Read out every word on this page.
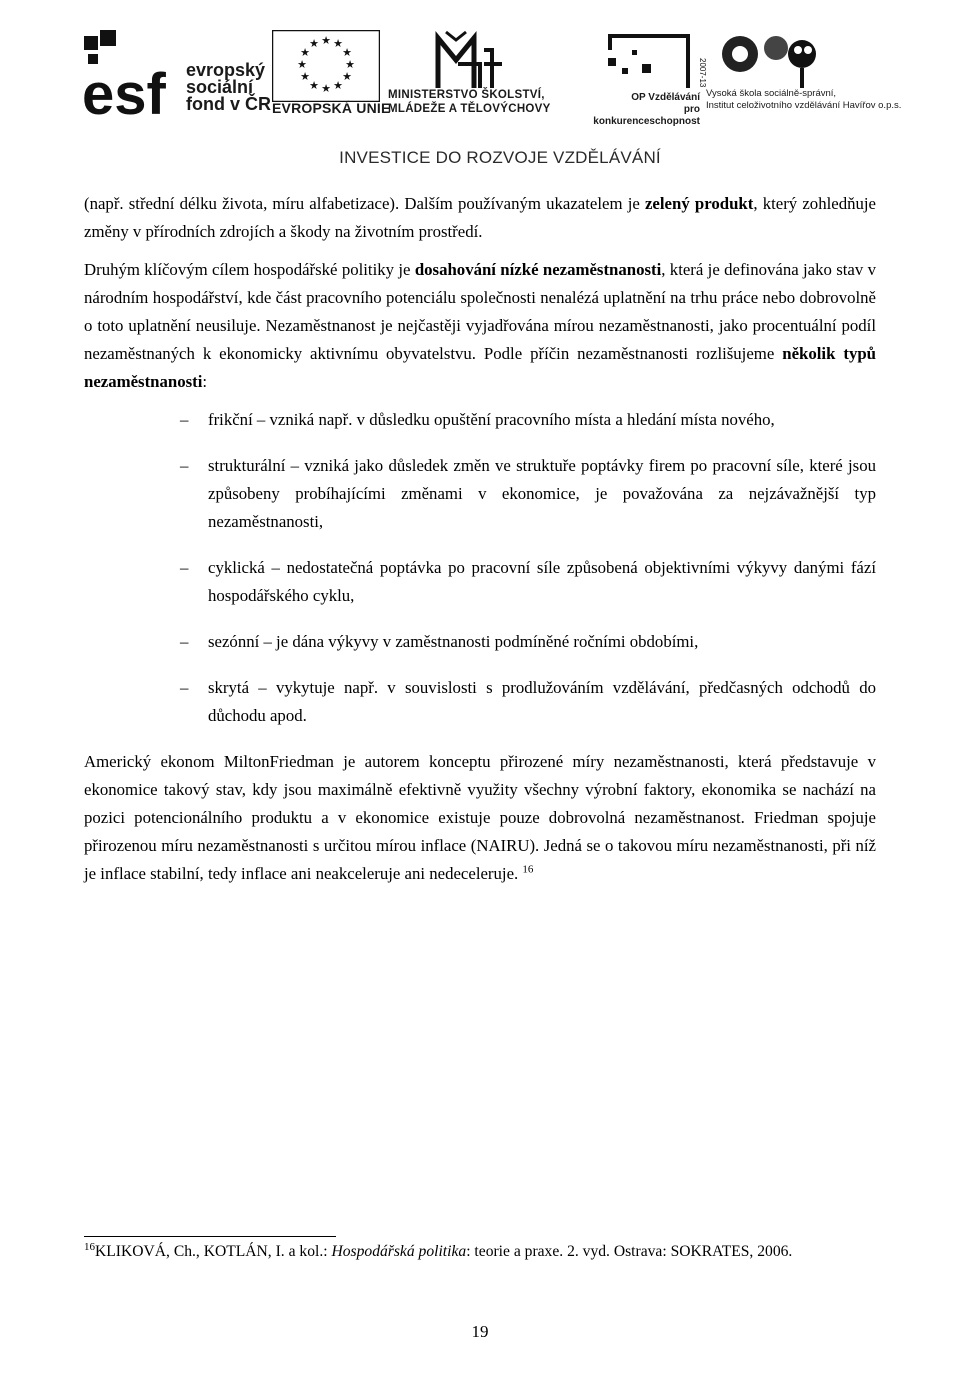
esf evropský
sociální
fond v ČR
★ ★
★
★
★
★
★
★
★
★
★
★
EVROPSKÁ UNIE
MINISTERSTVO ŠKOLSTVÍ,
MLÁDEŽE A TĚLOVÝCHOVY
2007-13
OP Vzdělávání
pro konkurenceschopnost
Vysoká škola sociálně-správní,
Institut celoživotního vzdělávání Havířov o.p.s.
INVESTICE DO ROZVOJE VZDĚLÁVÁNÍ

(např. střední délku života, míru alfabetizace). Dalším používaným ukazatelem je zelený produkt, který zohledňuje změny v přírodních zdrojích a škody na životním prostředí.

Druhým klíčovým cílem hospodářské politiky je dosahování nízké nezaměstnanosti, která je definována jako stav v národním hospodářství, kde část pracovního potenciálu společnosti nenalézá uplatnění na trhu práce nebo dobrovolně o toto uplatnění neusiluje. Nezaměstnanost je nejčastěji vyjadřována mírou nezaměstnanosti, jako procentuální podíl nezaměstnaných k ekonomicky aktivnímu obyvatelstvu. Podle příčin nezaměstnanosti rozlišujeme několik typů nezaměstnanosti:

– frikční – vzniká např. v důsledku opuštění pracovního místa a hledání místa nového,
– strukturální – vzniká jako důsledek změn ve struktuře poptávky firem po pracovní síle, které jsou způsobeny probíhajícími změnami v ekonomice, je považována za nejzávažnější typ nezaměstnanosti,
– cyklická – nedostatečná poptávka po pracovní síle způsobená objektivními výkyvy danými fází hospodářského cyklu,
– sezónní – je dána výkyvy v zaměstnanosti podmíněné ročními obdobími,
– skrytá – vykytuje např. v souvislosti s prodlužováním vzdělávání, předčasných odchodů do důchodu apod.

Americký ekonom MiltonFriedman je autorem konceptu přirozené míry nezaměstnanosti, která představuje v ekonomice takový stav, kdy jsou maximálně efektivně využity všechny výrobní faktory, ekonomika se nachází na pozici potencionálního produktu a v ekonomice existuje pouze dobrovolná nezaměstnanost. Friedman spojuje přirozenou míru nezaměstnanosti s určitou mírou inflace (NAIRU). Jedná se o takovou míru nezaměstnanosti, při níž je inflace stabilní, tedy inflace ani neakceleruje ani nedeceleruje. $^{16}$

$^{16}$KLIKOVÁ, Ch., KOTLÁN, I. a kol.: Hospodářská politika: teorie a praxe. 2. vyd. Ostrava: SOKRATES, 2006.
19
